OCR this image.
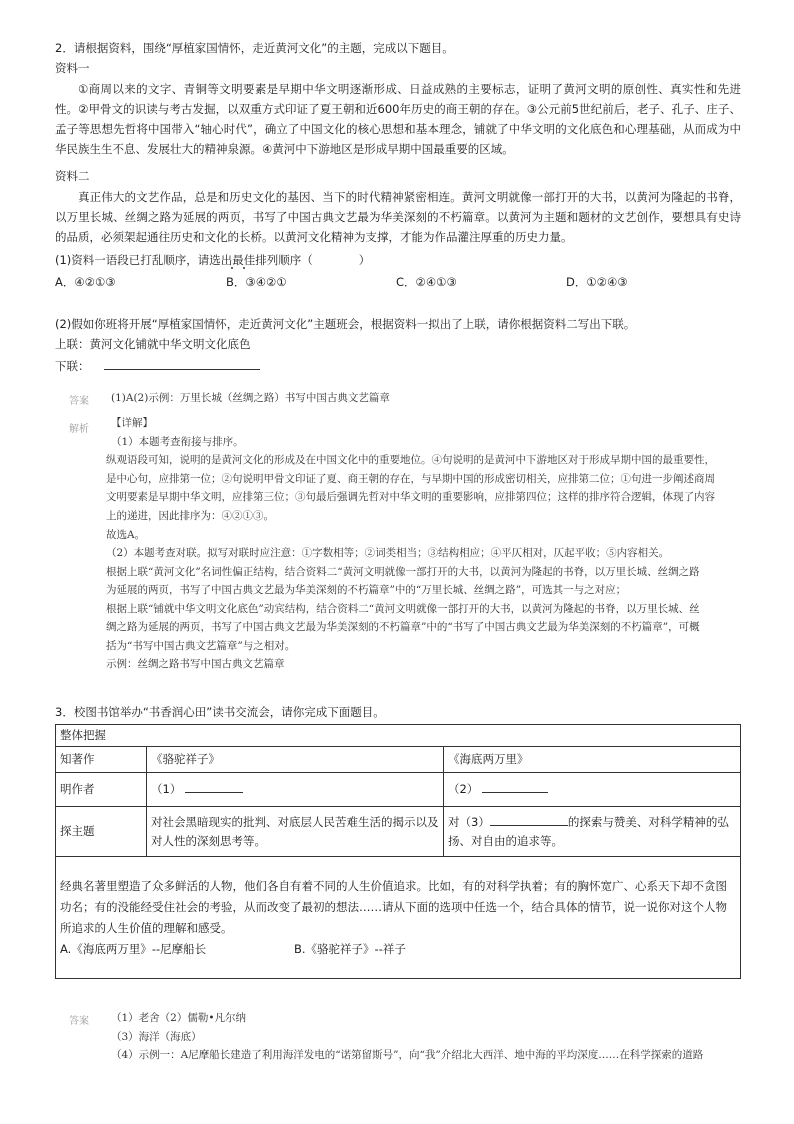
2．请根据资料，围绕“厚植家国情怀，走近黄河文化”的主题，完成以下题目。
资料一
①商周以来的文字、青铜等文明要素是早期中华文明逐渐形成、日益成熟的主要标志，证明了黄河文明的原创性、真实性和先进性。②甲骨文的识读与考古发掘，以双重方式印证了夏王朝和近600年历史的商王朝的存在。③公元前5世纪前后，老子、孔子、庄子、孟子等思想先哲将中国带入“轴心时代”，确立了中国文化的核心思想和基本理念，铺就了中华文明的文化底色和心理基础，从而成为中华民族生生不息、发展壮大的精神泉源。④黄河中下游地区是形成早期中国最重要的区域。
资料二
真正伟大的文艺作品，总是和历史文化的基因、当下的时代精神紧密相连。黄河文明就像一部打开的大书，以黄河为隆起的书脊，以万里长城、丝绸之路为延展的两页，书写了中国古典文艺最为华美深刻的不朽篇章。以黄河为主题和题材的文艺创作，要想具有史诗的品质，必须架起通往历史和文化的长桥。以黄河文化精神为支撑，才能为作品灌注厚重的历史力量。
(1)资料一语段已打乱顺序，请选出最佳排列顺序（	）
A．④②①③	B．③④②①	C．②④①③	D．①②④③
(2)假如你班将开展“厚植家国情怀，走近黄河文化”主题班会，根据资料一拟出了上联，请你根据资料二写出下联。
上联：黄河文化铺就中华文明文化底色
下联：
答案 (1)A(2)示例：万里长城（丝绸之路）书写中国古典文艺篇章
解析
【详解】
（1）本题考查衔接与排序。
纵观语段可知，说明的是黄河文化的形成及在中国文化中的重要地位。④句说明的是黄河中下游地区对于形成早期中国的最重要性，
是中心句，应排第一位；②句说明甲骨文印证了夏、商王朝的存在，与早期中国的形成密切相关，应排第二位；①句进一步阐述商周
文明要素是早期中华文明，应排第三位；③句最后强调先哲对中华文明的重要影响，应排第四位；这样的排序符合逻辑，体现了内容
上的递进，因此排序为：④②①③。
故选A。
（2）本题考查对联。拟写对联时应注意：①字数相等；②词类相当；③结构相应；④平仄相对，仄起平收；⑤内容相关。
根据上联“黄河文化”名词性偏正结构，结合资料二“黄河文明就像一部打开的大书，以黄河为隆起的书脊，以万里长城、丝绸之路
为延展的两页，书写了中国古典文艺最为华美深刻的不朽篇章”中的“万里长城、丝绸之路”，可选其一与之对应；
根据上联“铺就中华文明文化底色”动宾结构，结合资料二“黄河文明就像一部打开的大书，以黄河为隆起的书脊，以万里长城、丝
绸之路为延展的两页，书写了中国古典文艺最为华美深刻的不朽篇章”中的“书写了中国古典文艺最为华美深刻的不朽篇章”，可概
括为“书写中国古典文艺篇章”与之相对。
示例：丝绸之路书写中国古典文艺篇章
3．校图书馆举办“书香润心田”读书交流会，请你完成下面题目。
整体把握		
知著作	《骆驼祥子》	《海底两万里》
明作者	（1）	（2）
探主题	对社会黑暗现实的批判、对底层人民苦难生活的揭示以及对人性的深刻思考等。	对（3） 的探索与赞美、对科学精神的弘扬、对自由的追求等。

经典名著里塑造了众多鲜活的人物，他们各自有着不同的人生价值追求。比如，有的对科学执着；有的胸怀宽广、心系天下却不贪图功名；有的没能经受住社会的考验，从而改变了最初的想法……请从下面的选项中任选一个，结合具体的情节，说一说你对这个人物所追求的人生价值的理解和感受。
A.《海底两万里》--尼摩船长 B.《骆驼祥子》--祥子		
答案 （1）老舍（2）儒勒•凡尔纳
（3）海洋（海底）
（4）示例一：A尼摩船长建造了利用海洋发电的“诺第留斯号”，向“我”介绍北大西洋、地中海的平均深度……在科学探索的道路
